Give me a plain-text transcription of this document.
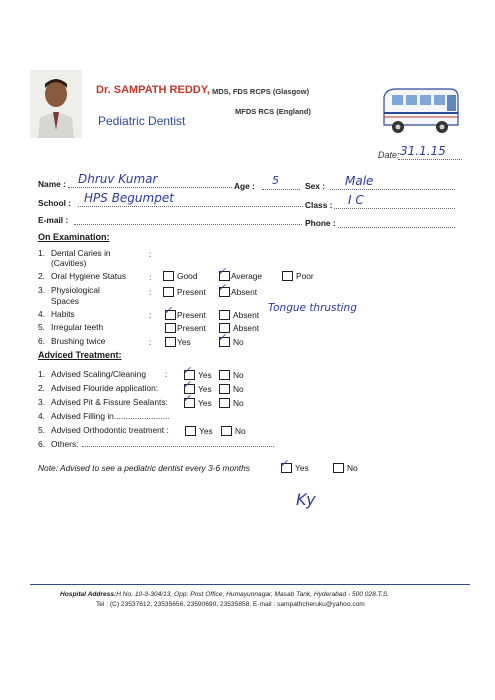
Dr. SAMPATH REDDY, MDS, FDS RCPS (Glasgow)
MFDS RCS (England)
Pediatric Dentist
Date: 31.1.15
Name : Dhruv Kumar	Age : 5	Sex : Male
School : HPS Begumpet	Class : I C
E-mail :	Phone :
On Examination:
1. Dental Caries in
(Cavities)
:
2. Oral Hygiene Status	:	Good ✓ Average	Poor
3. Physiological
Spaces
:	Present ✓ Absent
4. Habits	: ✓ Present	Absent
Tongue thrusting
5. Irregular teeth	Present	Absent
6. Brushing twice	:	Yes ✓ No
Adviced Treatment:
1. Advised Scaling/Cleaning : ✓ Yes	No
2. Advised Flouride application: ✓ Yes	No
3. Advised Pit & Fissure Sealants: ✓ Yes	No
4. Advised Filling in........................
5. Advised Orthodontic treatment :	Yes	No
6. Others:
Note: Advised to see a pediatric dentist every 3-6 months	✓ Yes	No
Ky
Hospital Address:H.No. 10-3-304/13, Opp: Post Office, Humayunnagar, Masab Tank, Hyderabad - 500 028.T.S.
Tel : (C) 23537612, 23535656, 23590690, 23535858, E-mail : sampathcheruku@yahoo.com
